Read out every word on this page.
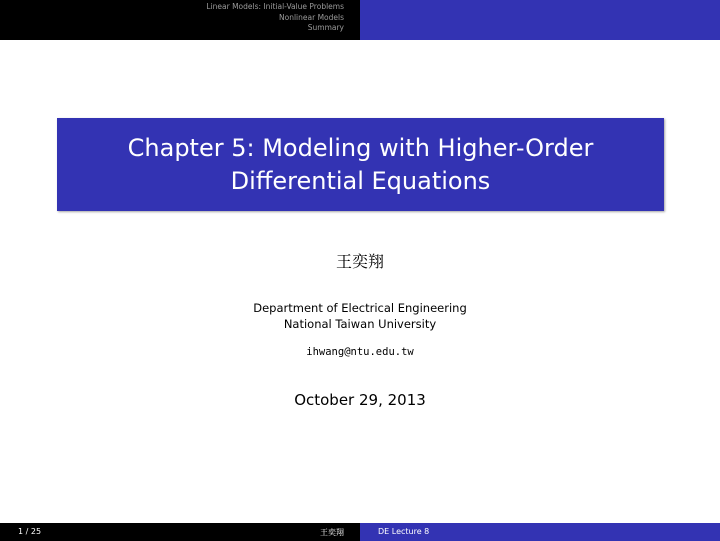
Linear Models: Initial-Value Problems
Nonlinear Models
Summary
Chapter 5: Modeling with Higher-Order
Differential Equations
王奕翔
Department of Electrical Engineering
National Taiwan University
ihwang@ntu.edu.tw
October 29, 2013
1 / 25	王奕翔	DE Lecture 8
